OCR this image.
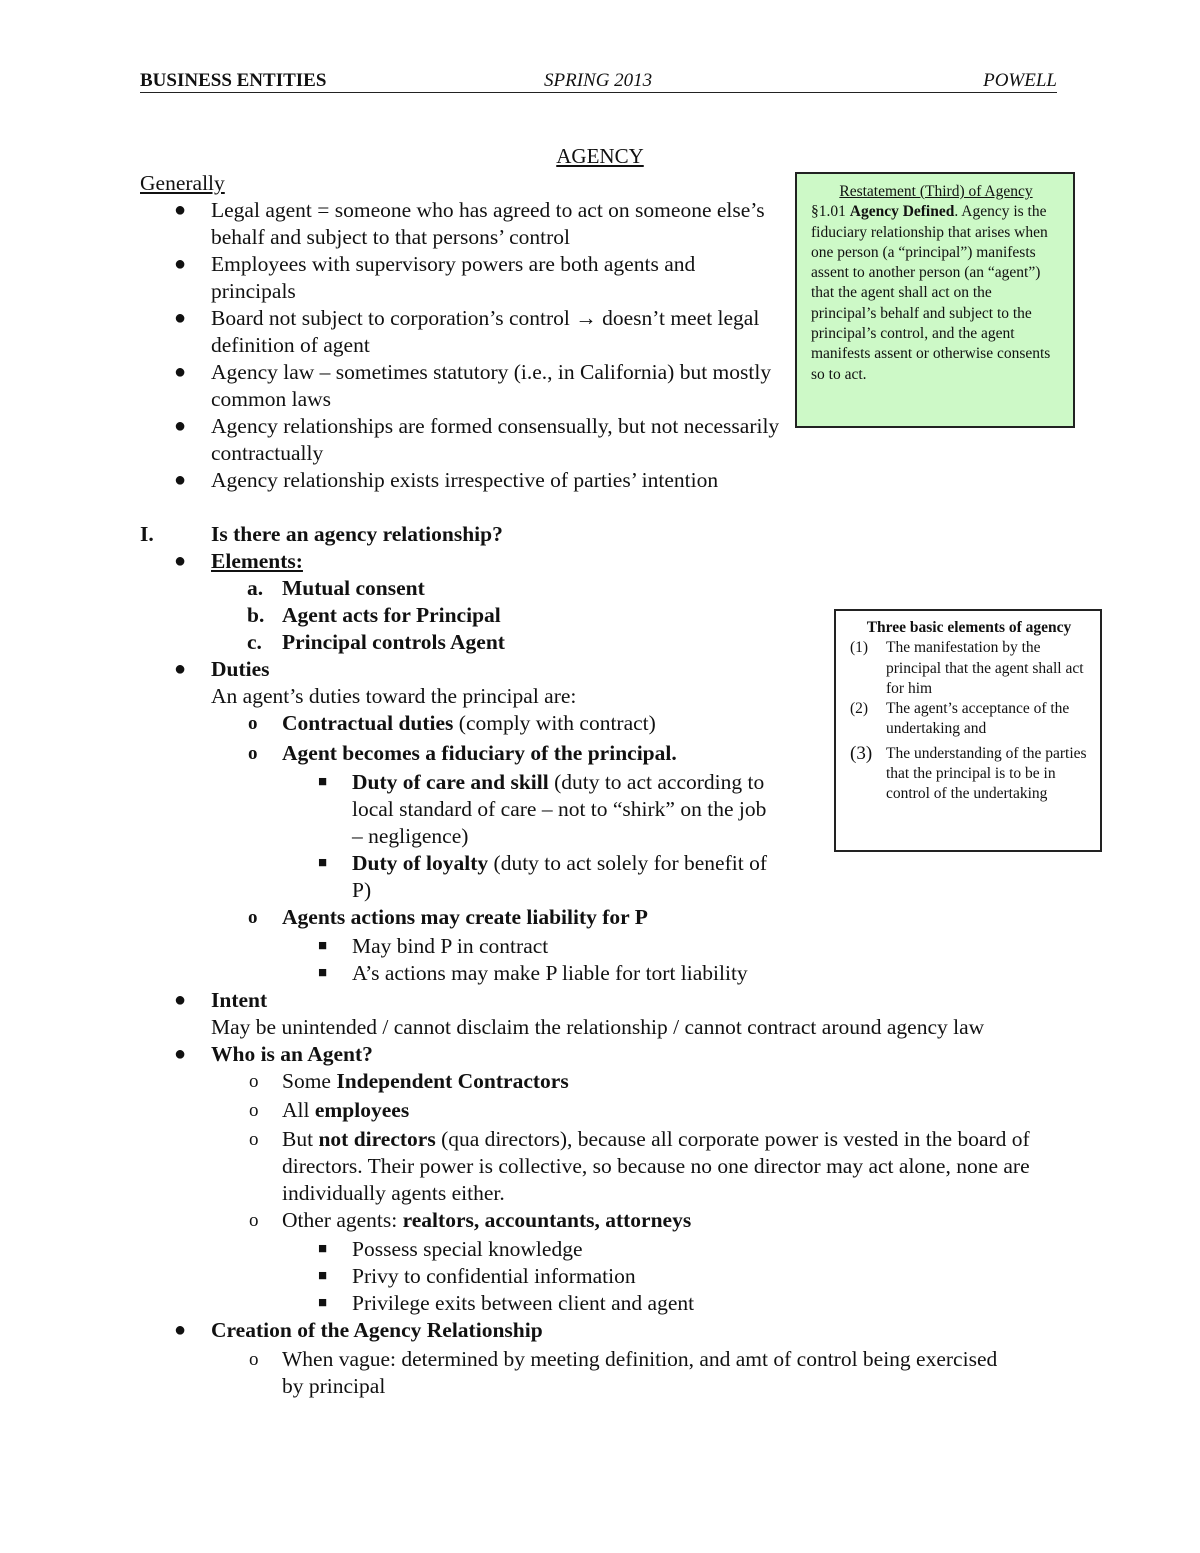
BUSINESS ENTITIES	SPRING 2013	POWELL
AGENCY
Generally
● Legal agent = someone who has agreed to act on someone else’s behalf and subject to that persons’ control
● Employees with supervisory powers are both agents and principals
● Board not subject to corporation’s control → doesn’t meet legal definition of agent
● Agency law – sometimes statutory (i.e., in California) but mostly common laws
● Agency relationships are formed consensually, but not necessarily contractually
● Agency relationship exists irrespective of parties’ intention
I.	Is there an agency relationship?
● Elements:
a. Mutual consent
b. Agent acts for Principal
c. Principal controls Agent
● Duties
An agent’s duties toward the principal are:
o Contractual duties (comply with contract)
o Agent becomes a fiduciary of the principal.
■ Duty of care and skill (duty to act according to local standard of care – not to “shirk” on the job – negligence)
■ Duty of loyalty (duty to act solely for benefit of P)
o Agents actions may create liability for P
■ May bind P in contract
■ A’s actions may make P liable for tort liability
● Intent
May be unintended / cannot disclaim the relationship / cannot contract around agency law
● Who is an Agent?
o Some Independent Contractors
o All employees
o But not directors (qua directors), because all corporate power is vested in the board of directors. Their power is collective, so because no one director may act alone, none are individually agents either.
o Other agents: realtors, accountants, attorneys
■ Possess special knowledge
■ Privy to confidential information
■ Privilege exits between client and agent
● Creation of the Agency Relationship
o When vague: determined by meeting definition, and amt of control being exercised by principal
Restatement (Third) of Agency
§1.01 Agency Defined. Agency is the fiduciary relationship that arises when one person (a “principal”) manifests assent to another person (an “agent”) that the agent shall act on the principal’s behalf and subject to the principal’s control, and the agent manifests assent or otherwise consents so to act.
Three basic elements of agency
(1) The manifestation by the principal that the agent shall act for him
(2) The agent’s acceptance of the undertaking and
(3) The understanding of the parties that the principal is to be in control of the undertaking
